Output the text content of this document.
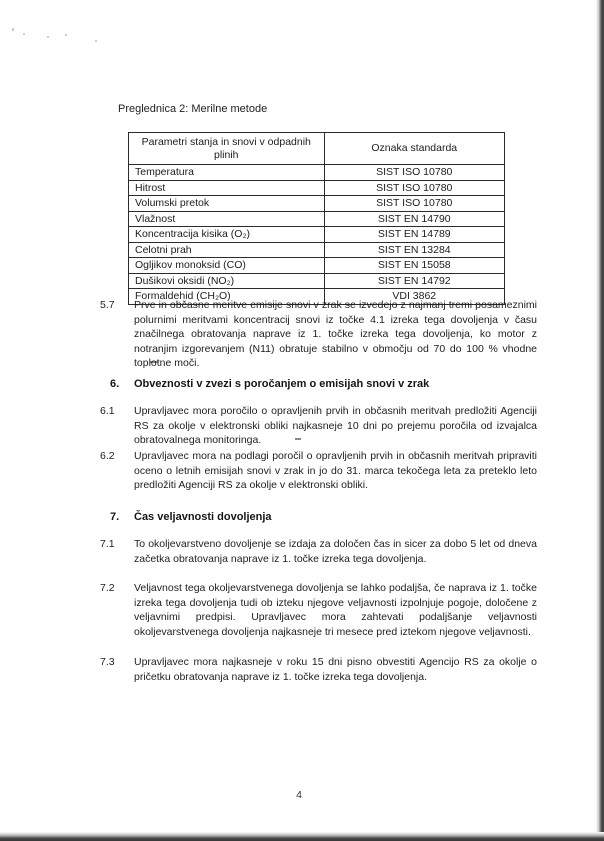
Preglednica 2: Merilne metode
Parametri stanja in snovi v odpadnih plinih	Oznaka standarda
Temperatura	SIST ISO 10780
Hitrost	SIST ISO 10780
Volumski pretok	SIST ISO 10780
Vlažnost	SIST EN 14790
Koncentracija kisika (O₂)	SIST EN 14789
Celotni prah	SIST EN 13284
Ogljikov monoksid (CO)	SIST EN 15058
Dušikovi oksidi (NO₂)	SIST EN 14792
Formaldehid (CH₂O)	VDI 3862
5.7	Prve in občasne meritve emisije snovi v zrak se izvedejo z najmanj tremi posameznimi polurnimi meritvami koncentracij snovi iz točke 4.1 izreka tega dovoljenja v času značilnega obratovanja naprave iz 1. točke izreka tega dovoljenja, ko motor z notranjim izgorevanjem (N11) obratuje stabilno v območju od 70 do 100 % vhodne toplotne moči.
6.	Obveznosti v zvezi s poročanjem o emisijah snovi v zrak
6.1	Upravljavec mora poročilo o opravljenih prvih in občasnih meritvah predložiti Agenciji RS za okolje v elektronski obliki najkasneje 10 dni po prejemu poročila od izvajalca obratovalnega monitoringa.
6.2	Upravljavec mora na podlagi poročil o opravljenih prvih in občasnih meritvah pripraviti oceno o letnih emisijah snovi v zrak in jo do 31. marca tekočega leta za preteklo leto predložiti Agenciji RS za okolje v elektronski obliki.
7.	Čas veljavnosti dovoljenja
7.1	To okoljevarstveno dovoljenje se izdaja za določen čas in sicer za dobo 5 let od dneva začetka obratovanja naprave iz 1. točke izreka tega dovoljenja.
7.2	Veljavnost tega okoljevarstvenega dovoljenja se lahko podaljša, če naprava iz 1. točke izreka tega dovoljenja tudi ob izteku njegove veljavnosti izpolnjuje pogoje, določene z veljavnimi predpisi. Upravljavec mora zahtevati podaljšanje veljavnosti okoljevarstvenega dovoljenja najkasneje tri mesece pred iztekom njegove veljavnosti.
7.3	Upravljavec mora najkasneje v roku 15 dni pisno obvestiti Agencijo RS za okolje o pričetku obratovanja naprave iz 1. točke izreka tega dovoljenja.
4
